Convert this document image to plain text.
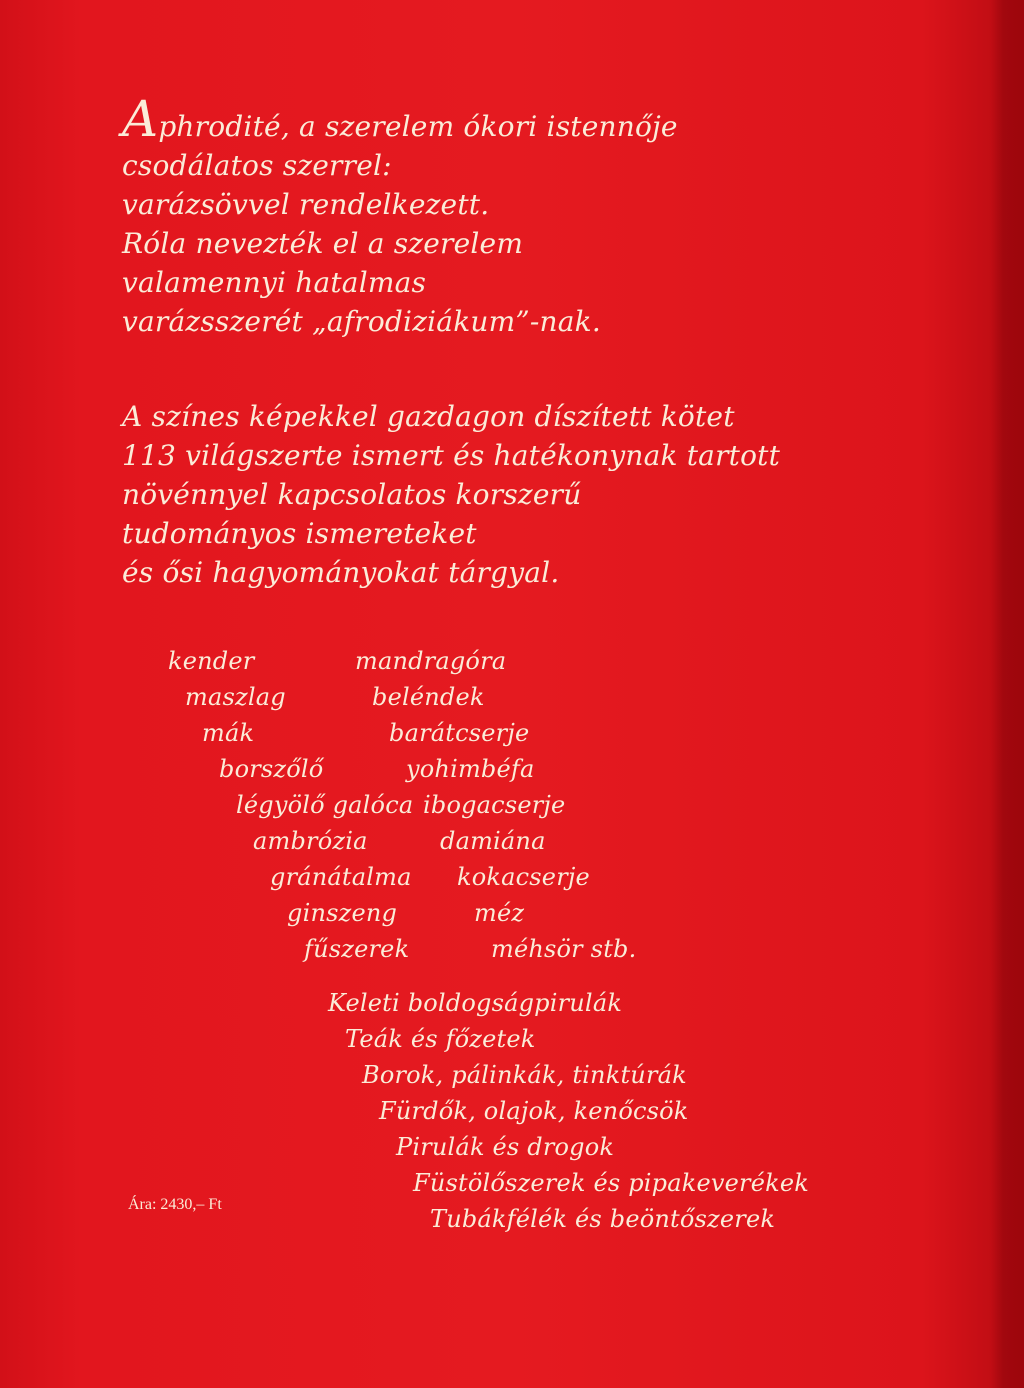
Aphrodité, a szerelem ókori istennője
csodálatos szerrel:
varázsövvel rendelkezett.
Róla nevezték el a szerelem
valamennyi hatalmas
varázsszerét „afrodiziákum”-nak.
A színes képekkel gazdagon díszített kötet
113 világszerte ismert és hatékonynak tartott
növénnyel kapcsolatos korszerű
tudományos ismereteket
és ősi hagyományokat tárgyal.
kender
maszlag
mák
borszőlő
légyölő galóca
ambrózia
gránátalma
ginszeng
fűszerek
mandragóra
beléndek
barátcserje
yohimbéfa
ibogacserje
damiána
kokacserje
méz
méhsör stb.
Keleti boldogságpirulák
Teák és főzetek
Borok, pálinkák, tinktúrák
Fürdők, olajok, kenőcsök
Pirulák és drogok
Füstölőszerek és pipakeverékek
Tubákfélék és beöntőszerek
Ára: 2430,– Ft
